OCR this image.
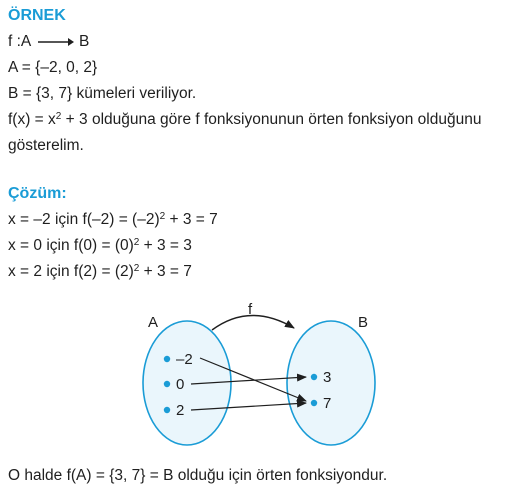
ÖRNEK
f :A	B
A = {–2, 0, 2}
B = {3, 7} kümeleri veriliyor.
$f(x) = x^2 + 3$ olduğuna göre f fonksiyonunun örten fonksiyon olduğunu
gösterelim.
Çözüm:
x = –2 için $f(-2) = (-2)^2 + 3 = 7$
x = 0 için $f(0) = (0)^2 + 3 = 3$
x = 2 için $f(2) = (2)^2 + 3 = 7$
A	B
f
–2
0
2
3
7
O halde f(A) = {3, 7} = B olduğu için örten fonksiyondur.
